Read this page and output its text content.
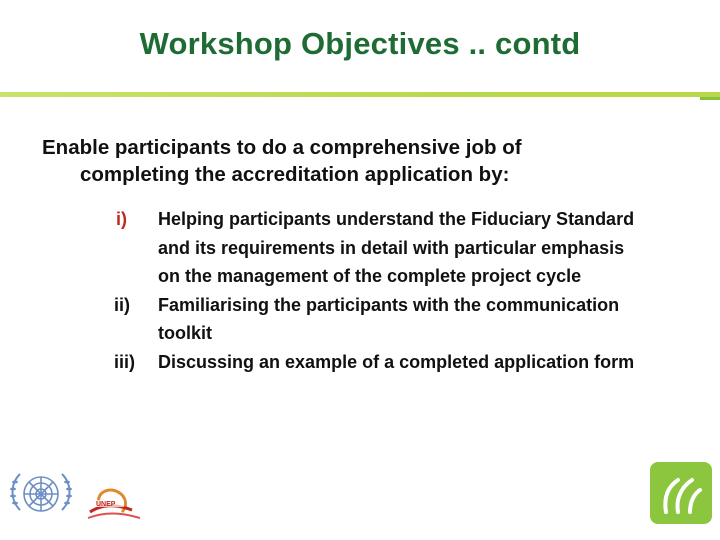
Workshop Objectives .. contd
Enable participants to do a comprehensive job of
completing the accreditation application by:
i) Helping participants understand the Fiduciary Standard and its requirements in detail with particular emphasis on the management of the complete project cycle
ii) Familiarising the participants with the communication toolkit
iii) Discussing an example of a completed application form
UNEP
